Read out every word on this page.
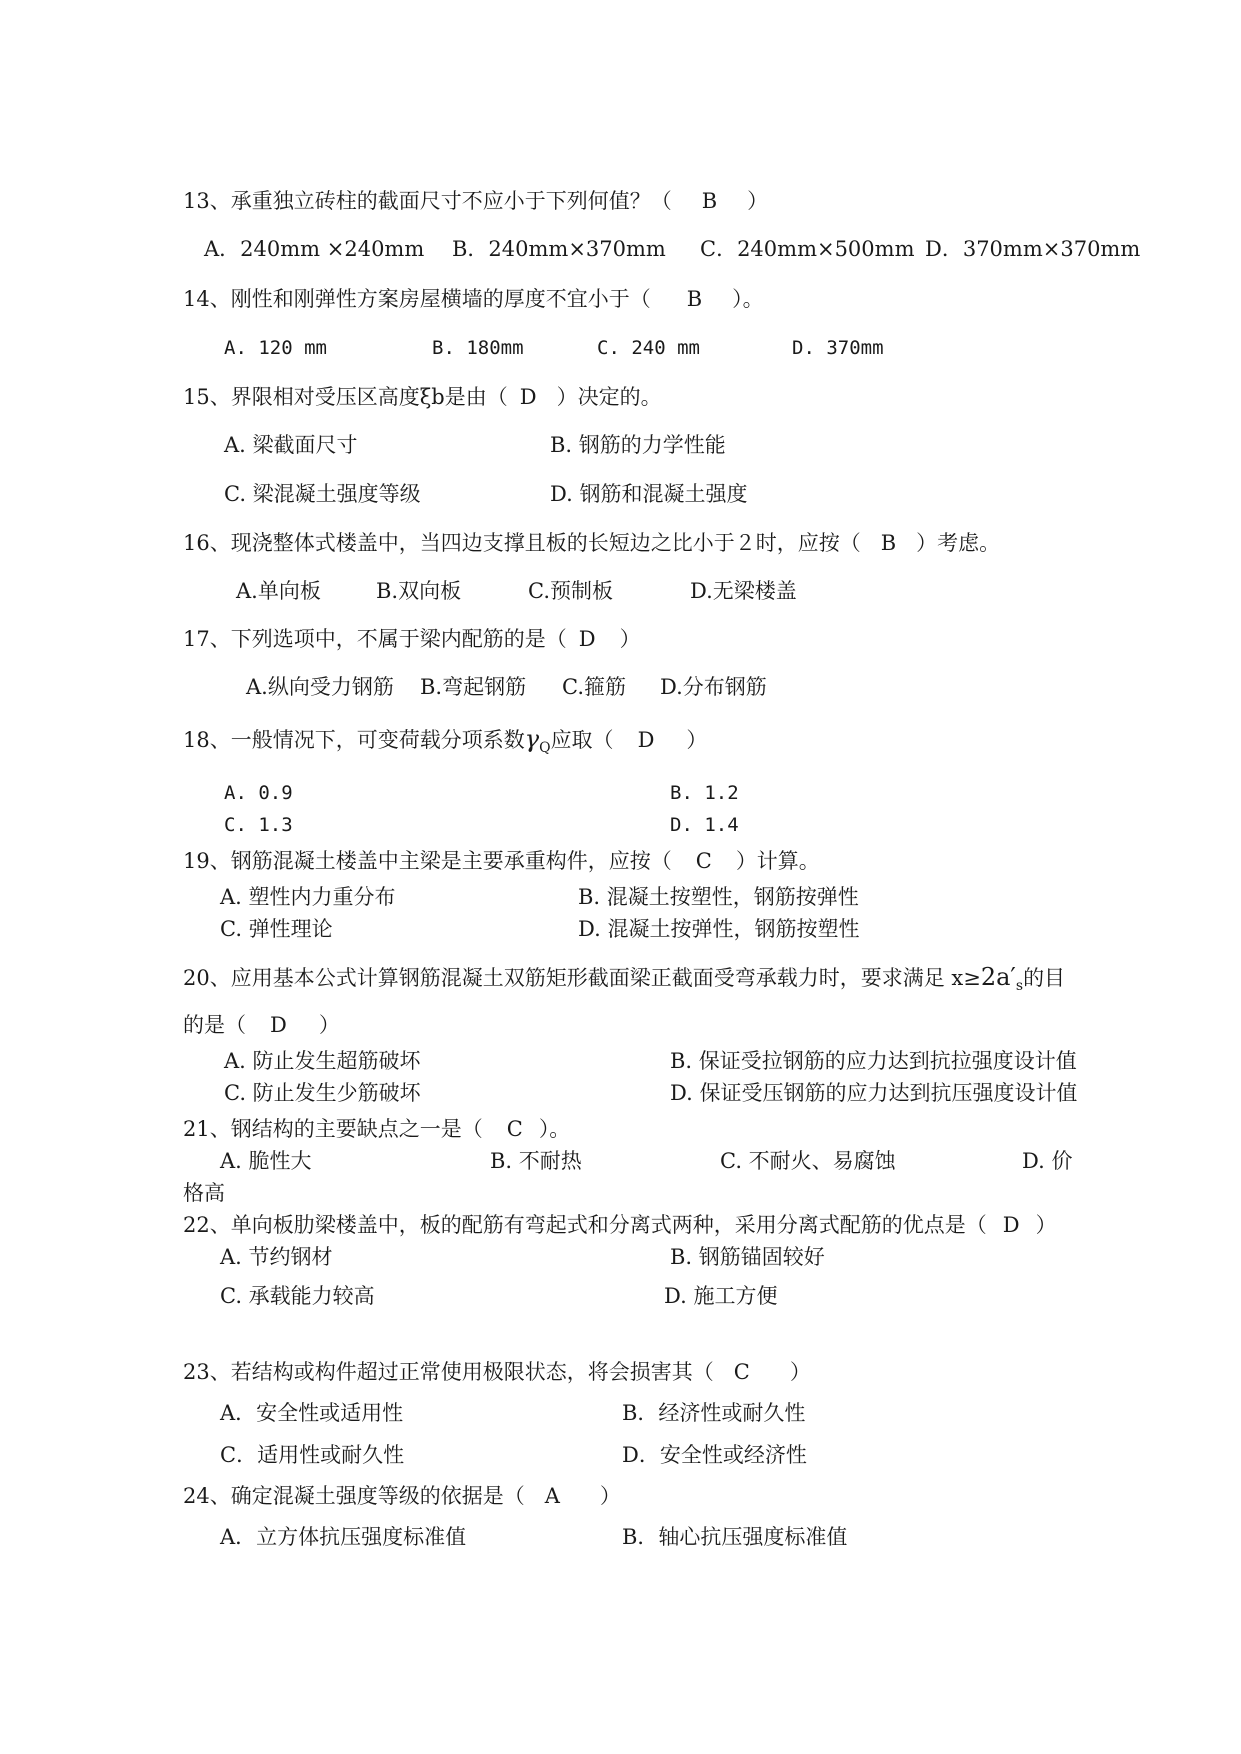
13、承重独立砖柱的截面尺寸不应小于下列何值？（ B ）
A．240mm ×240mm B．240mm×370mm C．240mm×500mm D．370mm×370mm
14、刚性和刚弹性方案房屋横墙的厚度不宜小于（ B ）。
A. 120 mm	B. 180mm	C. 240 mm	D. 370mm
15、界限相对受压区高度ξb是由（ D ）决定的。
A. 梁截面尺寸	B. 钢筋的力学性能
C. 梁混凝土强度等级	D. 钢筋和混凝土强度
16、现浇整体式楼盖中，当四边支撑且板的长短边之比小于２时，应按（ B ）考虑。
A.单向板	B.双向板	C.预制板	D.无梁楼盖
17、下列选项中，不属于梁内配筋的是（ D ）
A.纵向受力钢筋 B.弯起钢筋 C.箍筋 D.分布钢筋
18、一般情况下，可变荷载分项系数$\gamma_Q$应取（ D ）
A. 0.9	B. 1.2
C. 1.3	D. 1.4
19、钢筋混凝土楼盖中主梁是主要承重构件，应按（ C ）计算。
A. 塑性内力重分布	B. 混凝土按塑性，钢筋按弹性
C. 弹性理论	D. 混凝土按弹性，钢筋按塑性
20、应用基本公式计算钢筋混凝土双筋矩形截面梁正截面受弯承载力时，要求满足 $x\ge 2a'_s$的目
的是（ D ）
A. 防止发生超筋破坏	B. 保证受拉钢筋的应力达到抗拉强度设计值
C. 防止发生少筋破坏	D. 保证受压钢筋的应力达到抗压强度设计值
21、钢结构的主要缺点之一是（ C ）。
A. 脆性大	B. 不耐热	C. 不耐火、易腐蚀	D. 价
格高
22、单向板肋梁楼盖中，板的配筋有弯起式和分离式两种，采用分离式配筋的优点是（ D ）
A. 节约钢材	B. 钢筋锚固较好
C. 承载能力较高	D. 施工方便
23、若结构或构件超过正常使用极限状态，将会损害其（ C ）
A．安全性或适用性	B．经济性或耐久性
C．适用性或耐久性	D．安全性或经济性
24、确定混凝土强度等级的依据是（ A ）
A．立方体抗压强度标准值	B．轴心抗压强度标准值
